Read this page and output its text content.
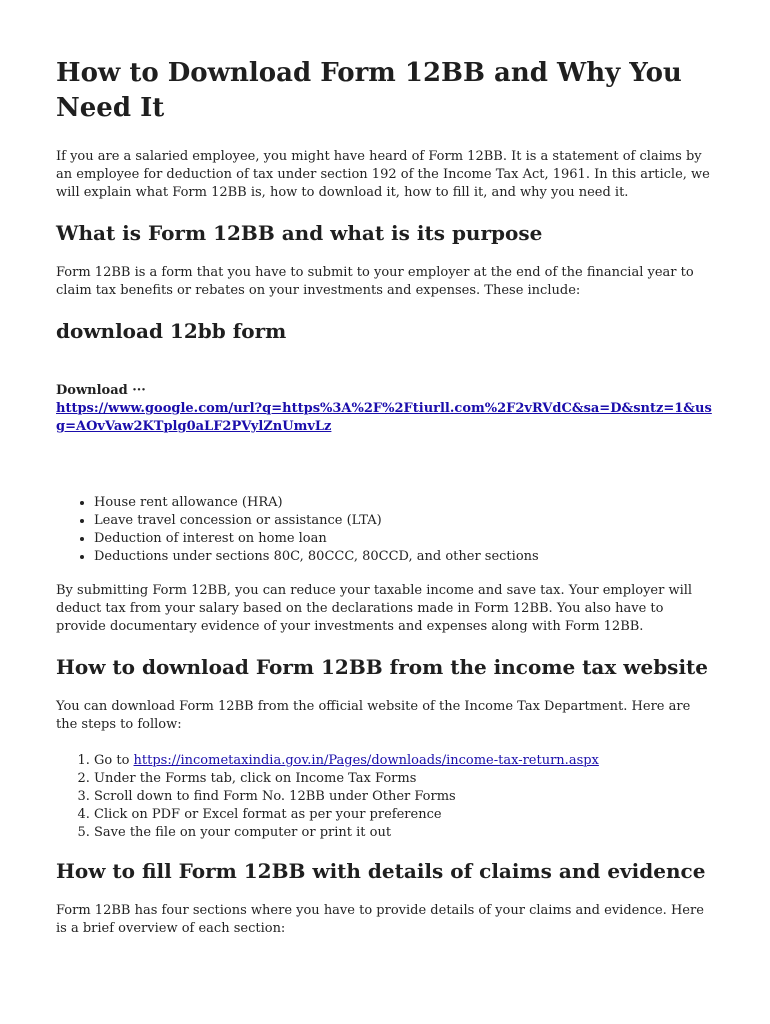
How to Download Form 12BB and Why You Need It

If you are a salaried employee, you might have heard of Form 12BB. It is a statement of claims by an employee for deduction of tax under section 192 of the Income Tax Act, 1961. In this article, we will explain what Form 12BB is, how to download it, how to fill it, and why you need it.

What is Form 12BB and what is its purpose

Form 12BB is a form that you have to submit to your employer at the end of the financial year to claim tax benefits or rebates on your investments and expenses. These include:

download 12bb form
Download ···
https://www.google.com/url?q=https%3A%2F%2Ftiurll.com%2F2vRVdC&sa=D&sntz=1&usg=AOvVaw2KTplg0aLF2PVylZnUmvLz
• House rent allowance (HRA)
• Leave travel concession or assistance (LTA)
• Deduction of interest on home loan
• Deductions under sections 80C, 80CCC, 80CCD, and other sections

By submitting Form 12BB, you can reduce your taxable income and save tax. Your employer will deduct tax from your salary based on the declarations made in Form 12BB. You also have to provide documentary evidence of your investments and expenses along with Form 12BB.

How to download Form 12BB from the income tax website

You can download Form 12BB from the official website of the Income Tax Department. Here are the steps to follow:

1. Go to https://incometaxindia.gov.in/Pages/downloads/income-tax-return.aspx
2. Under the Forms tab, click on Income Tax Forms
3. Scroll down to find Form No. 12BB under Other Forms
4. Click on PDF or Excel format as per your preference
5. Save the file on your computer or print it out
How to fill Form 12BB with details of claims and evidence

Form 12BB has four sections where you have to provide details of your claims and evidence. Here is a brief overview of each section:
